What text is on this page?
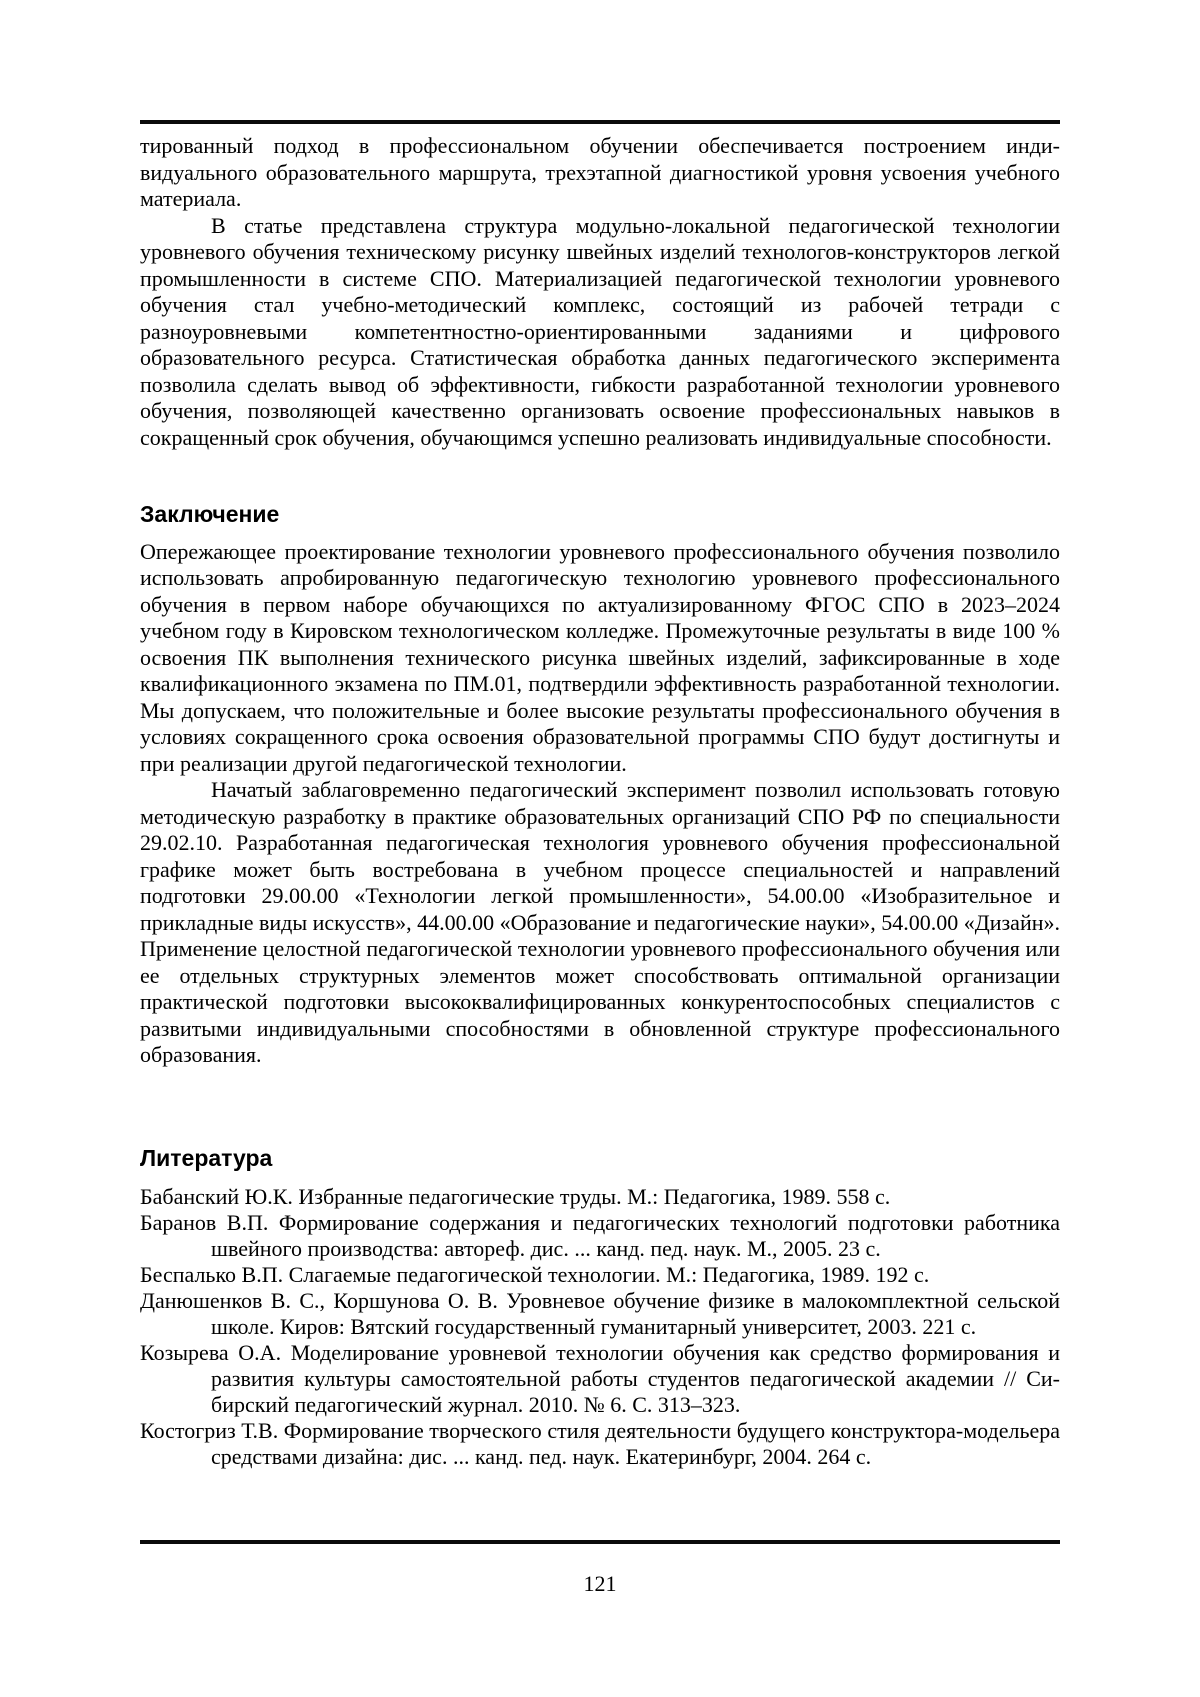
тированный подход в профессиональном обучении обеспечивается построением индивидуального образовательного маршрута, трехэтапной диагностикой уровня усвоения учебного материала.

В статье представлена структура модульно-локальной педагогической технологии уровневого обучения техническому рисунку швейных изделий технологов-конструкторов легкой промышленности в системе СПО. Материализацией педагогической технологии уровневого обучения стал учебно-методический комплекс, состоящий из рабочей тетради с разноуровневыми компетентностно-ориентированными заданиями и цифрового образовательного ресурса. Статистическая обработка данных педагогического эксперимента позволила сделать вывод об эффективности, гибкости разработанной технологии уровневого обучения, позволяющей качественно организовать освоение профессиональных навыков в сокращенный срок обучения, обучающимся успешно реализовать индивидуальные способности.

Заключение

Опережающее проектирование технологии уровневого профессионального обучения позволило использовать апробированную педагогическую технологию уровневого профессионального обучения в первом наборе обучающихся по актуализированному ФГОС СПО в 2023–2024 учебном году в Кировском технологическом колледже. Промежуточные результаты в виде 100 % освоения ПК выполнения технического рисунка швейных изделий, зафиксированные в ходе квалификационного экзамена по ПМ.01, подтвердили эффективность разработанной технологии. Мы допускаем, что положительные и более высокие результаты профессионального обучения в условиях сокращенного срока освоения образовательной программы СПО будут достигнуты и при реализации другой педагогической технологии.

Начатый заблаговременно педагогический эксперимент позволил использовать готовую методическую разработку в практике образовательных организаций СПО РФ по специальности 29.02.10. Разработанная педагогическая технология уровневого обучения профессиональной графике может быть востребована в учебном процессе специальностей и направлений подготовки 29.00.00 «Технологии легкой промышленности», 54.00.00 «Изобразительное и прикладные виды искусств», 44.00.00 «Образование и педагогические науки», 54.00.00 «Дизайн». Применение целостной педагогической технологии уровневого профессионального обучения или ее отдельных структурных элементов может способствовать оптимальной организации практической подготовки высококвалифицированных конкурентоспособных специалистов с развитыми индивидуальными способностями в обновленной структуре профессионального образования.

Литература

Бабанский Ю.К. Избранные педагогические труды. М.: Педагогика, 1989. 558 с.

Баранов В.П. Формирование содержания и педагогических технологий подготовки работника швейного производства: автореф. дис. ... канд. пед. наук. М., 2005. 23 с.

Беспалько В.П. Слагаемые педагогической технологии. М.: Педагогика, 1989. 192 с.

Данюшенков В. С., Коршунова О. В. Уровневое обучение физике в малокомплектной сельской школе. Киров: Вятский государственный гуманитарный университет, 2003. 221 с.

Козырева О.А. Моделирование уровневой технологии обучения как средство формирования и развития культуры самостоятельной работы студентов педагогической академии // Сибирский педагогический журнал. 2010. № 6. С. 313–323.

Костогриз Т.В. Формирование творческого стиля деятельности будущего конструктора-модельера средствами дизайна: дис. ... канд. пед. наук. Екатеринбург, 2004. 264 с.

121
